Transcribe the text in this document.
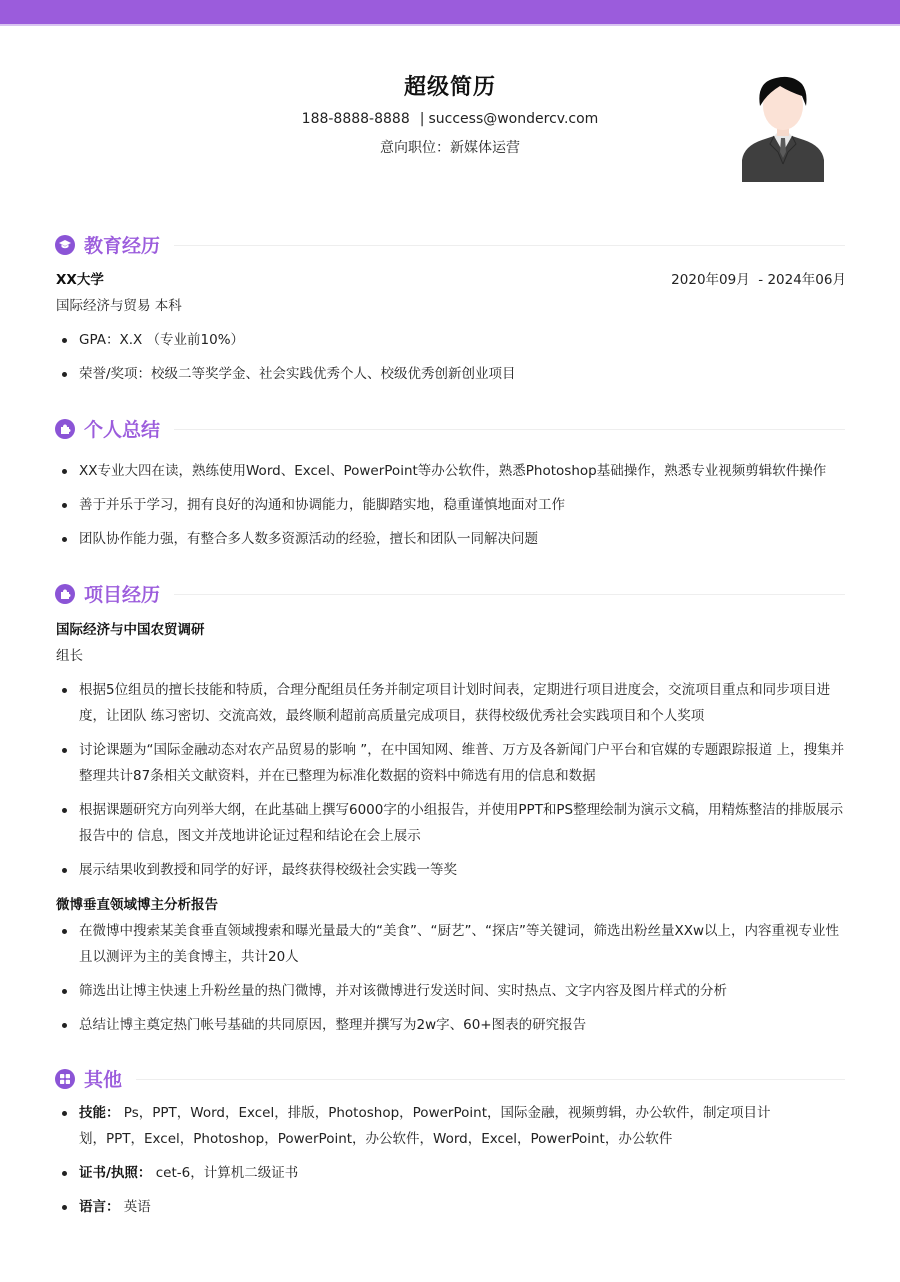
超级简历
188-8888-8888 | success@wondercv.com
意向职位：新媒体运营
教育经历
XX大学	2020年09月  - 2024年06月
国际经济与贸易 本科
GPA：X.X （专业前10%）
荣誉/奖项：校级二等奖学金、社会实践优秀个人、校级优秀创新创业项目
个人总结
XX专业大四在读，熟练使用Word、Excel、PowerPoint等办公软件，熟悉Photoshop基础操作，熟悉专业视频剪辑软件操作
善于并乐于学习，拥有良好的沟通和协调能力，能脚踏实地，稳重谨慎地面对工作
团队协作能力强，有整合多人数多资源活动的经验，擅长和团队一同解决问题
项目经历
国际经济与中国农贸调研
组长
根据5位组员的擅长技能和特质，合理分配组员任务并制定项目计划时间表，定期进行项目进度会，交流项目重点和同步项目进度，让团队 练习密切、交流高效，最终顺利超前高质量完成项目，获得校级优秀社会实践项目和个人奖项
讨论课题为“国际金融动态对农产品贸易的影响 ”，在中国知网、维普、万方及各新闻门户平台和官媒的专题跟踪报道 上，搜集并整理共计87条相关文献资料，并在已整理为标准化数据的资料中筛选有用的信息和数据
根据课题研究方向列举大纲，在此基础上撰写6000字的小组报告，并使用PPT和PS整理绘制为演示文稿，用精炼整洁的排版展示报告中的 信息，图文并茂地讲论证过程和结论在会上展示
展示结果收到教授和同学的好评，最终获得校级社会实践一等奖
微博垂直领域博主分析报告
在微博中搜索某美食垂直领域搜索和曝光量最大的“美食”、“厨艺”、“探店”等关键词，筛选出粉丝量XXw以上，内容重视专业性且以测评为主的美食博主，共计20人
筛选出让博主快速上升粉丝量的热门微博，并对该微博进行发送时间、实时热点、文字内容及图片样式的分析
总结让博主奠定热门帐号基础的共同原因，整理并撰写为2w字、60+图表的研究报告
其他
技能： Ps，PPT，Word，Excel，排版，Photoshop，PowerPoint，国际金融，视频剪辑，办公软件，制定项目计划，PPT，Excel，Photoshop，PowerPoint，办公软件，Word，Excel，PowerPoint，办公软件
证书/执照： cet-6，计算机二级证书
语言： 英语
